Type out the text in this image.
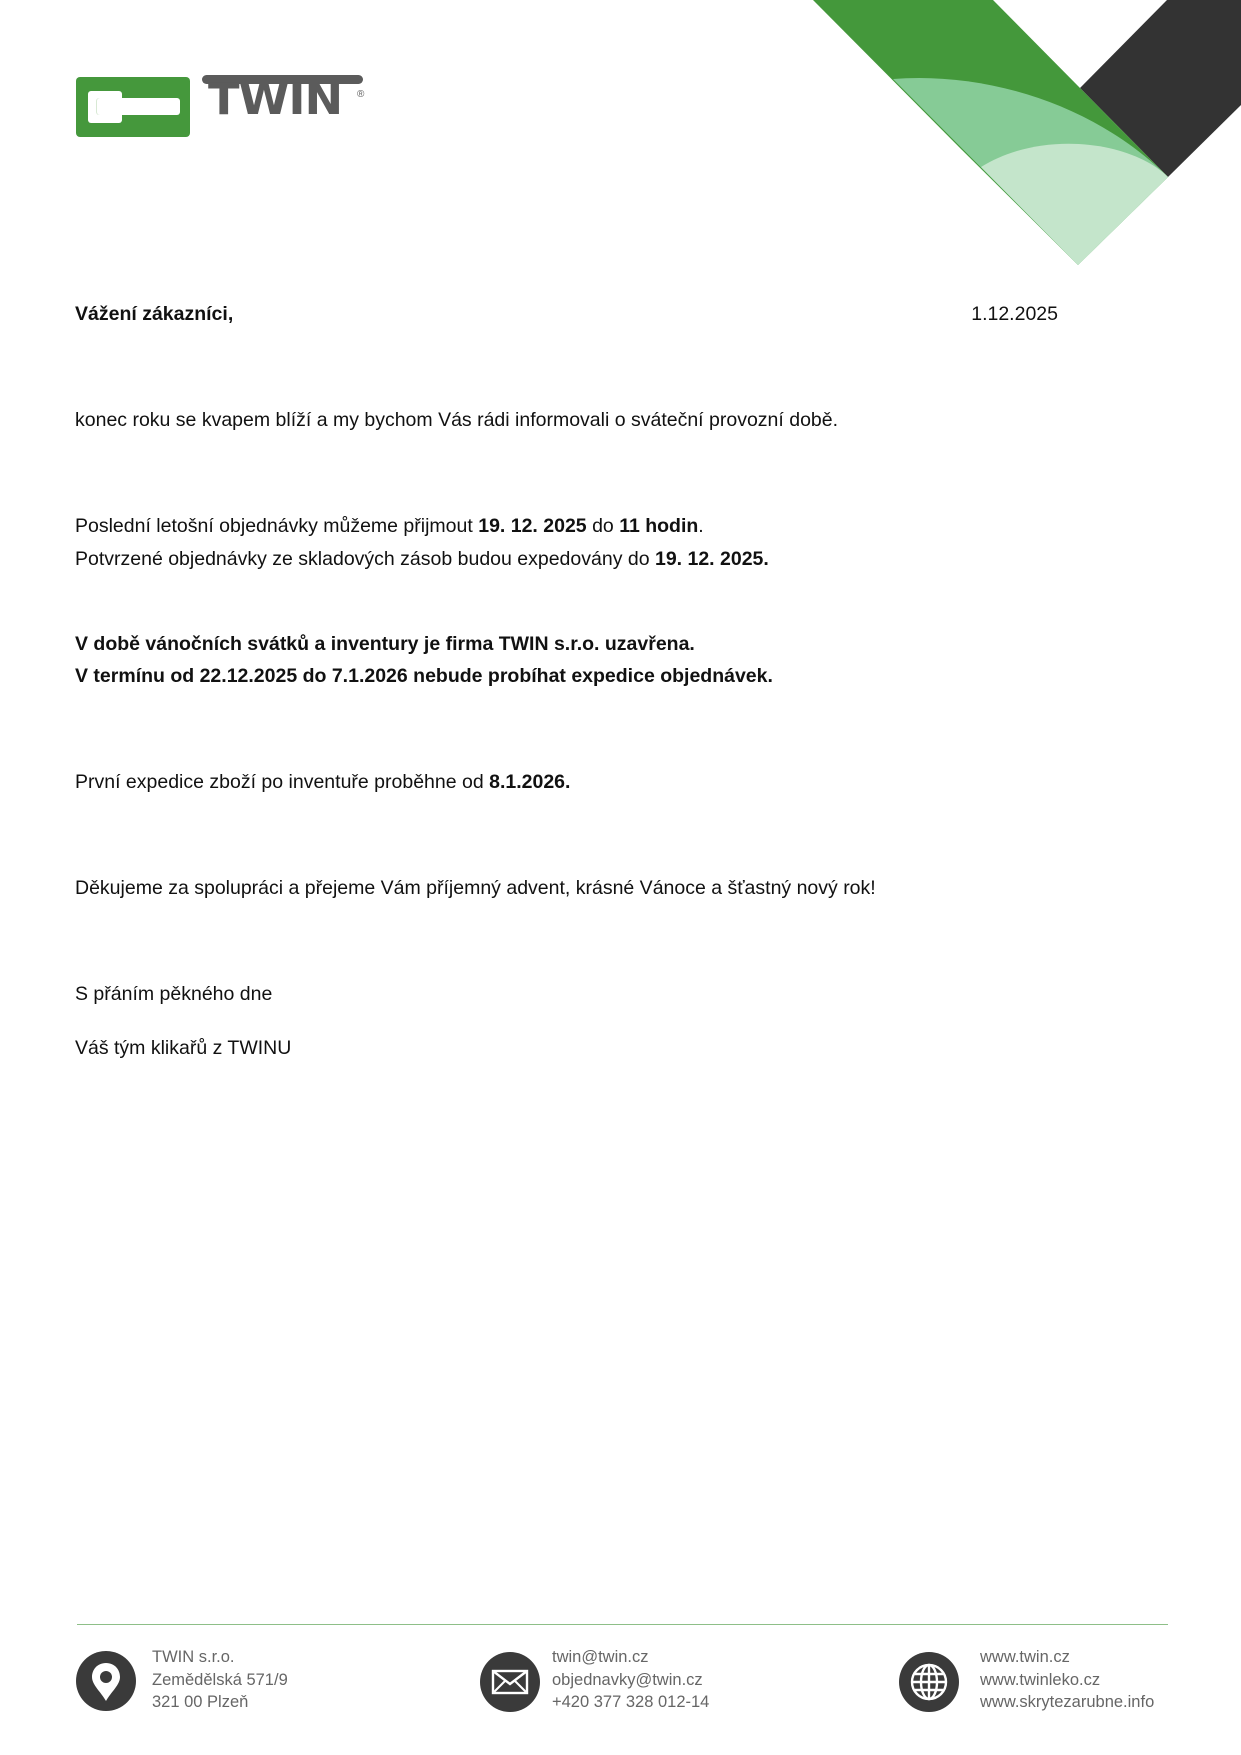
TWIN ®
Vážení zákazníci,	1.12.2025
konec roku se kvapem blíží a my bychom Vás rádi informovali o sváteční provozní době.
Poslední letošní objednávky můžeme přijmout 19. 12. 2025 do 11 hodin.
Potvrzené objednávky ze skladových zásob budou expedovány do 19. 12. 2025.
V době vánočních svátků a inventury je firma TWIN s.r.o. uzavřena.
V termínu od 22.12.2025 do 7.1.2026 nebude probíhat expedice objednávek.
První expedice zboží po inventuře proběhne od 8.1.2026.
Děkujeme za spolupráci a přejeme Vám příjemný advent, krásné Vánoce a šťastný nový rok!
S přáním pěkného dne
Váš tým klikařů z TWINU
TWIN s.r.o.
Zemědělská 571/9
321 00 Plzeň
twin@twin.cz
objednavky@twin.cz
+420 377 328 012-14
www.twin.cz
www.twinleko.cz
www.skrytezarubne.info
